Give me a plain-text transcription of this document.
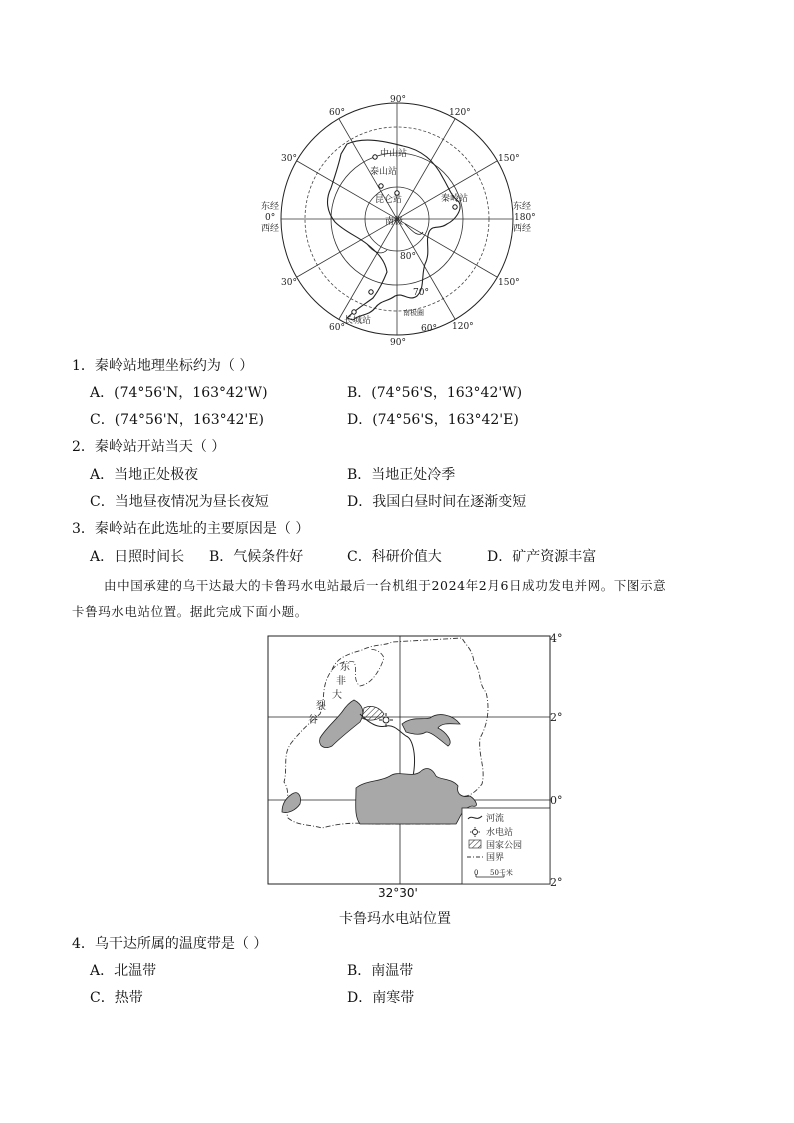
90°
60°	120°
30°	150°
东经
0°
西经
180°
30°	150°
60°
90°
60° 120°
东经
西经
80°
70°
中山站
泰山站
昆仑站	秦岭站
南极
长城站
南极圈
1．秦岭站地理坐标约为（ ）
A．(74°56'N，163°42'W)	B．(74°56'S，163°42'W)
C．(74°56'N，163°42'E)	D．(74°56'S，163°42'E)
2．秦岭站开站当天（ ）
A．当地正处极夜	B．当地正处冷季
C．当地昼夜情况为昼长夜短	D．我国白昼时间在逐渐变短
3．秦岭站在此选址的主要原因是（ ）
A．日照时间长 B．气候条件好	C．科研价值大	D．矿产资源丰富
由中国承建的乌干达最大的卡鲁玛水电站最后一台机组于2024年2月6日成功发电并网。下图示意
卡鲁玛水电站位置。据此完成下面小题。
4°
2°
0°
2°
东
非
大
裂
谷
河流
水电站
国家公园
国界
0 50千米
32°30'
卡鲁玛水电站位置
4．乌干达所属的温度带是（ ）
A．北温带	B．南温带
C．热带	D．南寒带
